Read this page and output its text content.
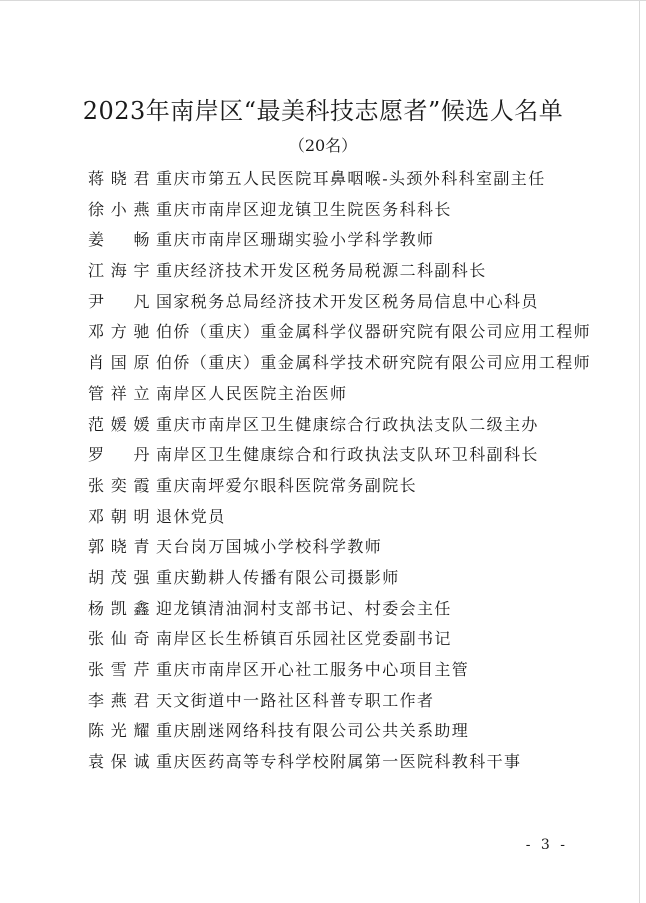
2023年南岸区“最美科技志愿者”候选人名单
（20名）
蒋晓君 重庆市第五人民医院耳鼻咽喉-头颈外科科室副主任
徐小燕 重庆市南岸区迎龙镇卫生院医务科科长
姜 畅 重庆市南岸区珊瑚实验小学科学教师
江海宇 重庆经济技术开发区税务局税源二科副科长
尹 凡 国家税务总局经济技术开发区税务局信息中心科员
邓方驰 伯侨（重庆）重金属科学仪器研究院有限公司应用工程师
肖国原 伯侨（重庆）重金属科学技术研究院有限公司应用工程师
管祥立 南岸区人民医院主治医师
范媛媛 重庆市南岸区卫生健康综合行政执法支队二级主办
罗 丹 南岸区卫生健康综合和行政执法支队环卫科副科长
张奕霞 重庆南坪爱尔眼科医院常务副院长
邓朝明 退休党员
郭晓青 天台岗万国城小学校科学教师
胡茂强 重庆勤耕人传播有限公司摄影师
杨凯鑫 迎龙镇清油洞村支部书记、村委会主任
张仙奇 南岸区长生桥镇百乐园社区党委副书记
张雪芹 重庆市南岸区开心社工服务中心项目主管
李燕君 天文街道中一路社区科普专职工作者
陈光耀 重庆剧迷网络科技有限公司公共关系助理
袁保诚 重庆医药高等专科学校附属第一医院科教科干事
- 3 -
